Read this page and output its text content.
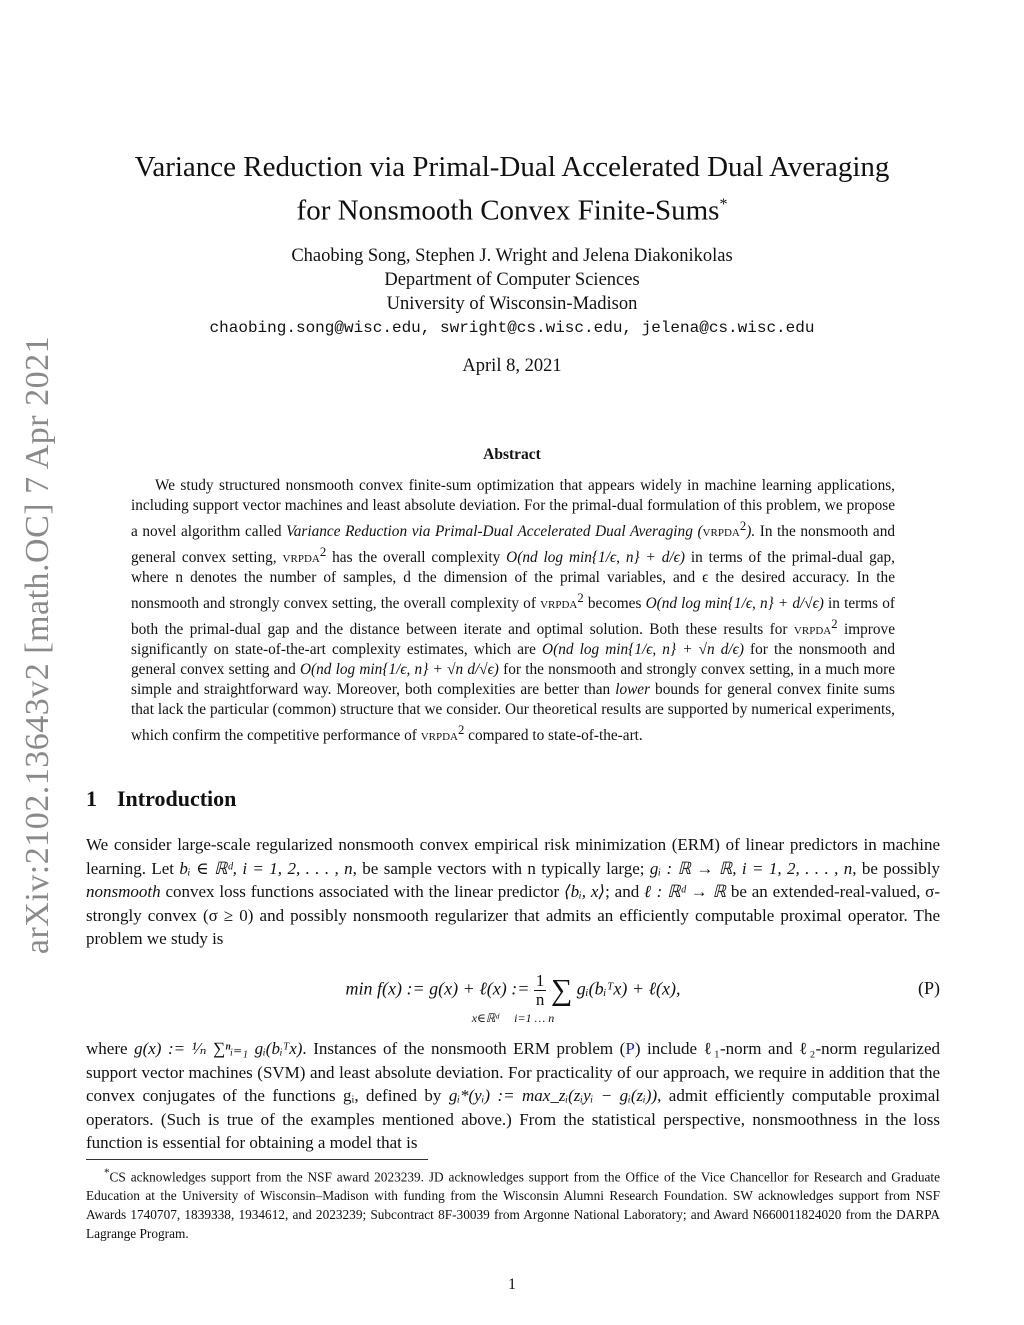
arXiv:2102.13643v2 [math.OC] 7 Apr 2021
Variance Reduction via Primal-Dual Accelerated Dual Averaging
for Nonsmooth Convex Finite-Sums*
Chaobing Song, Stephen J. Wright and Jelena Diakonikolas
Department of Computer Sciences
University of Wisconsin-Madison
chaobing.song@wisc.edu, swright@cs.wisc.edu, jelena@cs.wisc.edu
April 8, 2021
Abstract
We study structured nonsmooth convex finite-sum optimization that appears widely in machine learning applications, including support vector machines and least absolute deviation. For the primal-dual formulation of this problem, we propose a novel algorithm called Variance Reduction via Primal-Dual Accelerated Dual Averaging (vrpda$^2$). In the nonsmooth and general convex setting, vrpda$^2$ has the overall complexity O(nd log min{1/ϵ, n} + d/ϵ) in terms of the primal-dual gap, where n denotes the number of samples, d the dimension of the primal variables, and ϵ the desired accuracy. In the nonsmooth and strongly convex setting, the overall complexity of vrpda$^2$ becomes O(nd log min{1/ϵ, n} + d/√ϵ) in terms of both the primal-dual gap and the distance between iterate and optimal solution. Both these results for vrpda$^2$ improve significantly on state-of-the-art complexity estimates, which are O(nd log min{1/ϵ, n} + √n d/ϵ) for the nonsmooth and general convex setting and O(nd log min{1/ϵ, n} + √n d/√ϵ) for the nonsmooth and strongly convex setting, in a much more simple and straightforward way. Moreover, both complexities are better than lower bounds for general convex finite sums that lack the particular (common) structure that we consider. Our theoretical results are supported by numerical experiments, which confirm the competitive performance of vrpda$^2$ compared to state-of-the-art.
1 Introduction
We consider large-scale regularized nonsmooth convex empirical risk minimization (ERM) of linear predictors in machine learning. Let bᵢ ∈ ℝᵈ, i = 1, 2, . . . , n, be sample vectors with n typically large; gᵢ : ℝ → ℝ, i = 1, 2, . . . , n, be possibly nonsmooth convex loss functions associated with the linear predictor ⟨bᵢ, x⟩; and ℓ : ℝᵈ → ℝ be an extended-real-valued, σ-strongly convex (σ ≥ 0) and possibly nonsmooth regularizer that admits an efficiently computable proximal operator. The problem we study is
min f(x) := g(x) + ℓ(x) := $\frac{1}{n}$ ∑ gᵢ(bᵢᵀx) + ℓ(x),
x∈ℝᵈ i=1 … n
(P)
where g(x) := ¹⁄ₙ ∑ⁿᵢ₌₁ gᵢ(bᵢᵀx). Instances of the nonsmooth ERM problem (P) include ℓ₁-norm and ℓ₂-norm regularized support vector machines (SVM) and least absolute deviation. For practicality of our approach, we require in addition that the convex conjugates of the functions gᵢ, defined by gᵢ*(yᵢ) := max_zᵢ(zᵢyᵢ − gᵢ(zᵢ)), admit efficiently computable proximal operators. (Such is true of the examples mentioned above.) From the statistical perspective, nonsmoothness in the loss function is essential for obtaining a model that is
*CS acknowledges support from the NSF award 2023239. JD acknowledges support from the Office of the Vice Chancellor for Research and Graduate Education at the University of Wisconsin–Madison with funding from the Wisconsin Alumni Research Foundation. SW acknowledges support from NSF Awards 1740707, 1839338, 1934612, and 2023239; Subcontract 8F-30039 from Argonne National Laboratory; and Award N660011824020 from the DARPA Lagrange Program.
1
